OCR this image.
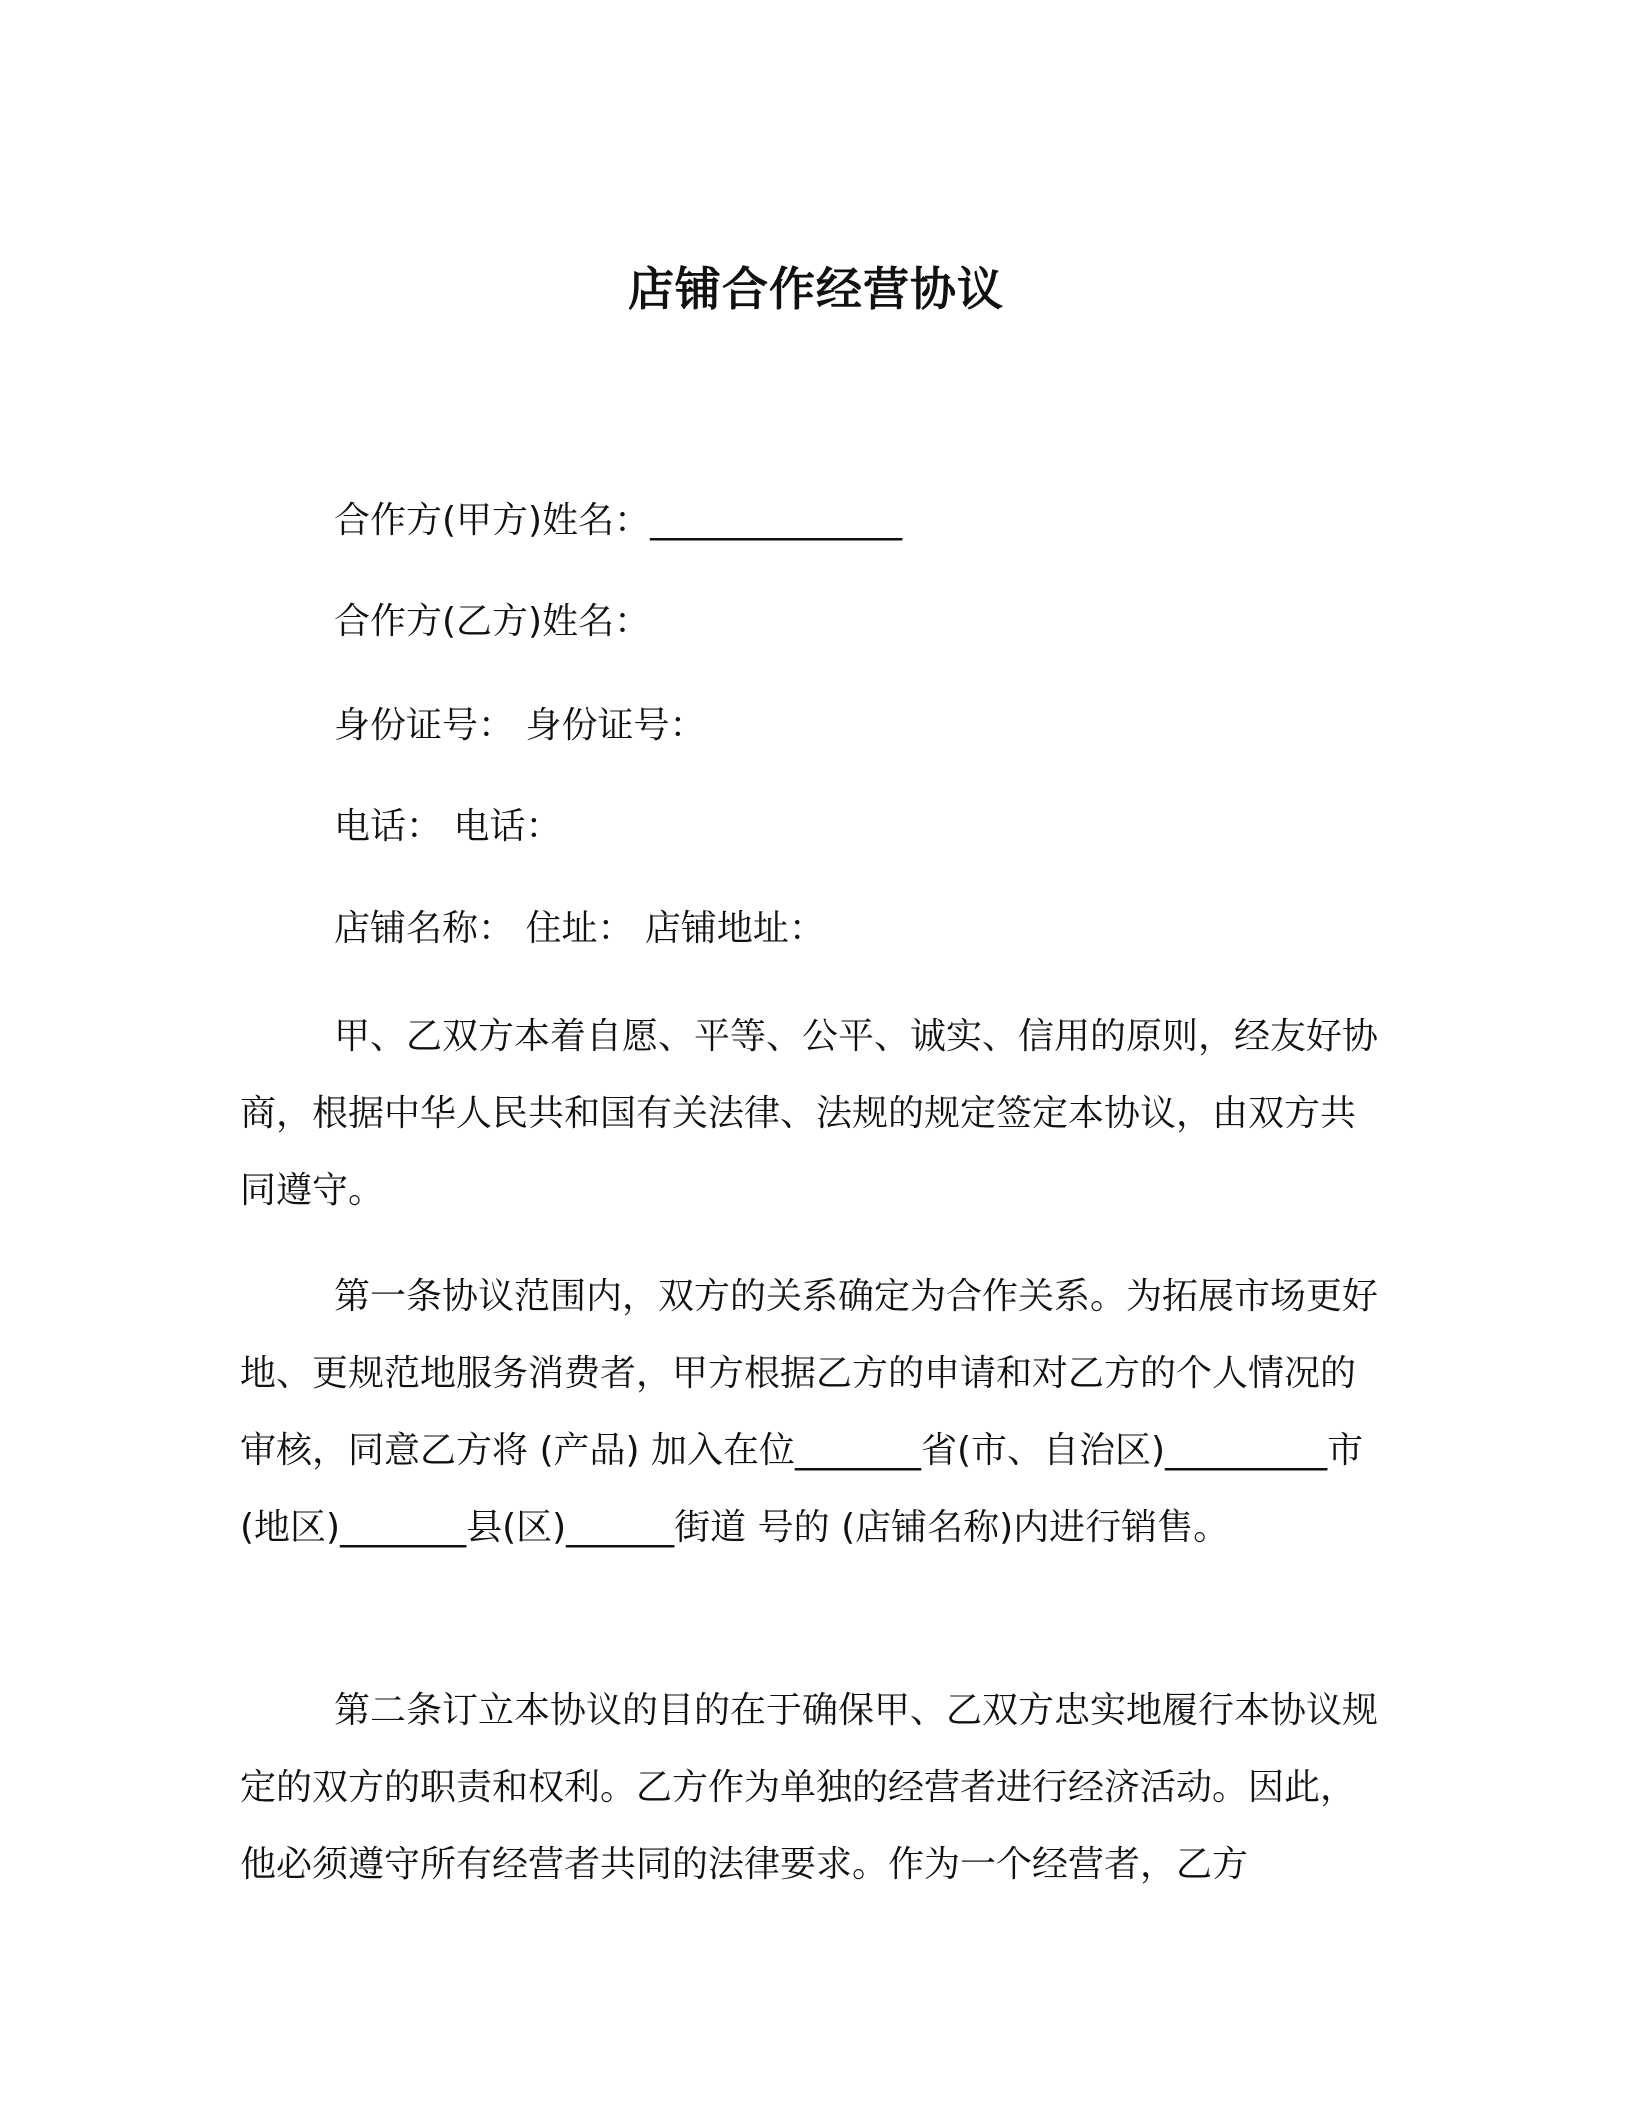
店铺合作经营协议
合作方(甲方)姓名：______________
合作方(乙方)姓名：
身份证号： 身份证号：
电话： 电话：
店铺名称： 住址： 店铺地址：

甲、乙双方本着自愿、平等、公平、诚实、信用的原则，经友好协商，根据中华人民共和国有关法律、法规的规定签定本协议，由双方共同遵守。

第一条协议范围内，双方的关系确定为合作关系。为拓展市场更好地、更规范地服务消费者，甲方根据乙方的申请和对乙方的个人情况的审核，同意乙方将 (产品) 加入在位_______省(市、自治区)_________市(地区)_______县(区)______街道 号的 (店铺名称)内进行销售。

第二条订立本协议的目的在于确保甲、乙双方忠实地履行本协议规定的双方的职责和权利。乙方作为单独的经营者进行经济活动。因此，他必须遵守所有经营者共同的法律要求。作为一个经营者，乙方
